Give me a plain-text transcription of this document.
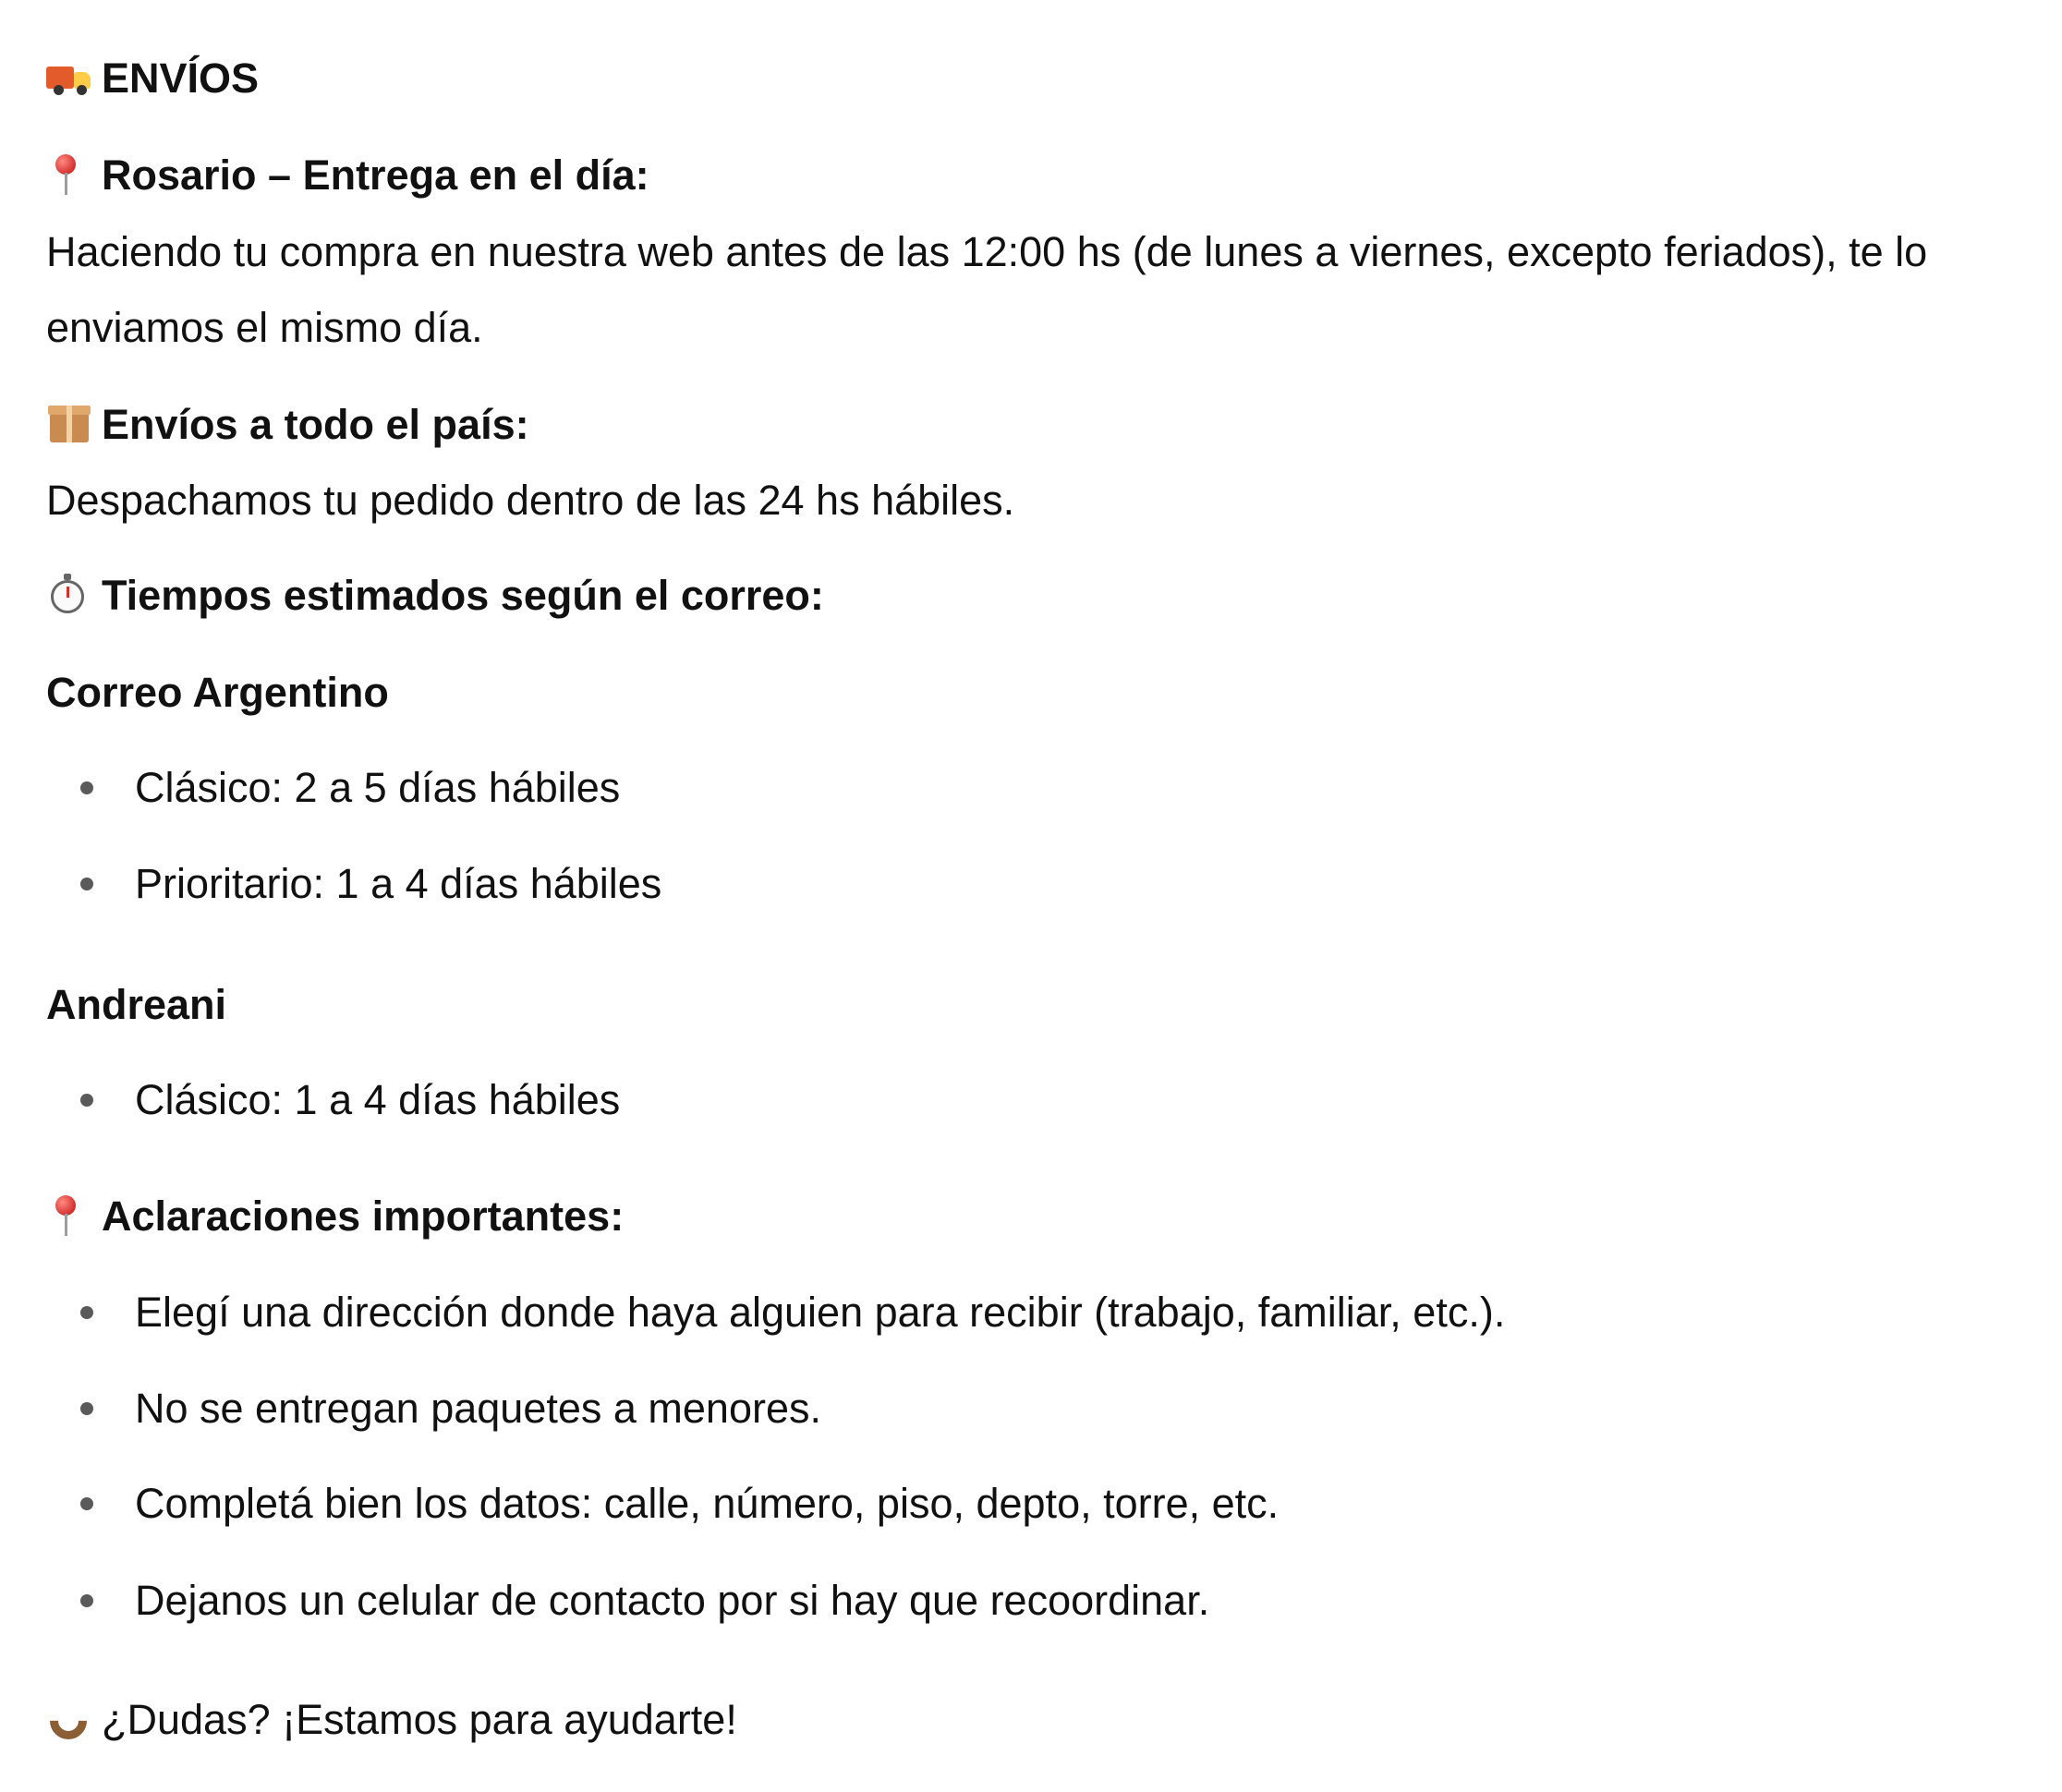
ENVÍOS
Rosario – Entrega en el día:
Haciendo tu compra en nuestra web antes de las 12:00 hs (de lunes a viernes, excepto feriados), te lo enviamos el mismo día.
Envíos a todo el país:
Despachamos tu pedido dentro de las 24 hs hábiles.
Tiempos estimados según el correo:
Correo Argentino
Clásico: 2 a 5 días hábiles
Prioritario: 1 a 4 días hábiles
Andreani
Clásico: 1 a 4 días hábiles
Aclaraciones importantes:
Elegí una dirección donde haya alguien para recibir (trabajo, familiar, etc.).
No se entregan paquetes a menores.
Completá bien los datos: calle, número, piso, depto, torre, etc.
Dejanos un celular de contacto por si hay que recoordinar.
¿Dudas? ¡Estamos para ayudarte!
